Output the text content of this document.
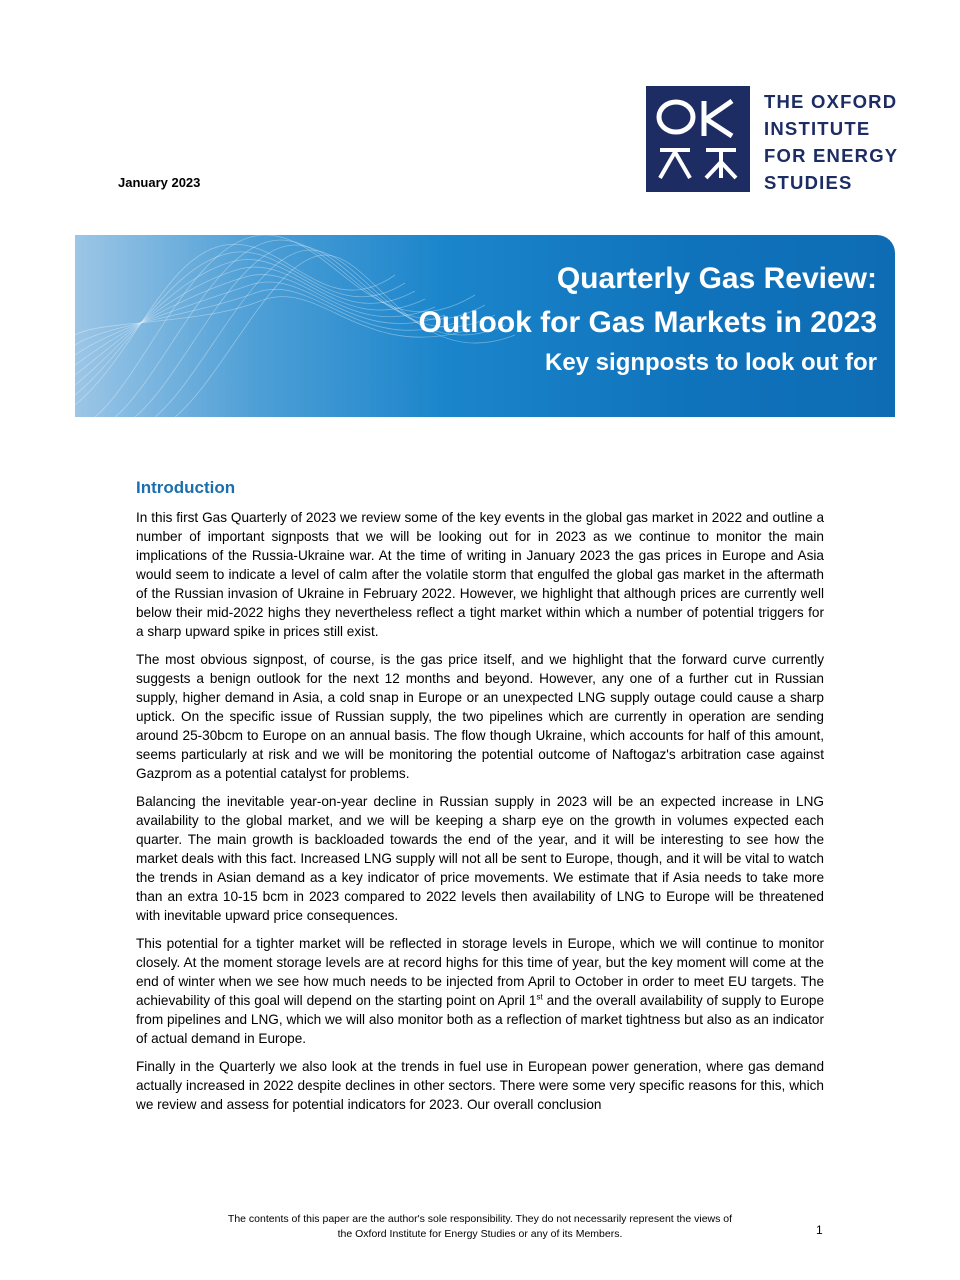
January 2023
THE OXFORD
INSTITUTE
FOR ENERGY
STUDIES
Quarterly Gas Review:
Outlook for Gas Markets in 2023
Key signposts to look out for
Introduction

In this first Gas Quarterly of 2023 we review some of the key events in the global gas market in 2022 and outline a number of important signposts that we will be looking out for in 2023 as we continue to monitor the main implications of the Russia-Ukraine war. At the time of writing in January 2023 the gas prices in Europe and Asia would seem to indicate a level of calm after the volatile storm that engulfed the global gas market in the aftermath of the Russian invasion of Ukraine in February 2022. However, we highlight that although prices are currently well below their mid-2022 highs they nevertheless reflect a tight market within which a number of potential triggers for a sharp upward spike in prices still exist.

The most obvious signpost, of course, is the gas price itself, and we highlight that the forward curve currently suggests a benign outlook for the next 12 months and beyond. However, any one of a further cut in Russian supply, higher demand in Asia, a cold snap in Europe or an unexpected LNG supply outage could cause a sharp uptick. On the specific issue of Russian supply, the two pipelines which are currently in operation are sending around 25-30bcm to Europe on an annual basis. The flow though Ukraine, which accounts for half of this amount, seems particularly at risk and we will be monitoring the potential outcome of Naftogaz's arbitration case against Gazprom as a potential catalyst for problems.

Balancing the inevitable year-on-year decline in Russian supply in 2023 will be an expected increase in LNG availability to the global market, and we will be keeping a sharp eye on the growth in volumes expected each quarter. The main growth is backloaded towards the end of the year, and it will be interesting to see how the market deals with this fact. Increased LNG supply will not all be sent to Europe, though, and it will be vital to watch the trends in Asian demand as a key indicator of price movements. We estimate that if Asia needs to take more than an extra 10-15 bcm in 2023 compared to 2022 levels then availability of LNG to Europe will be threatened with inevitable upward price consequences.

This potential for a tighter market will be reflected in storage levels in Europe, which we will continue to monitor closely. At the moment storage levels are at record highs for this time of year, but the key moment will come at the end of winter when we see how much needs to be injected from April to October in order to meet EU targets. The achievability of this goal will depend on the starting point on April 1st and the overall availability of supply to Europe from pipelines and LNG, which we will also monitor both as a reflection of market tightness but also as an indicator of actual demand in Europe.

Finally in the Quarterly we also look at the trends in fuel use in European power generation, where gas demand actually increased in 2022 despite declines in other sectors. There were some very specific reasons for this, which we review and assess for potential indicators for 2023. Our overall conclusion

The contents of this paper are the author's sole responsibility. They do not necessarily represent the views of
the Oxford Institute for Energy Studies or any of its Members.	1
